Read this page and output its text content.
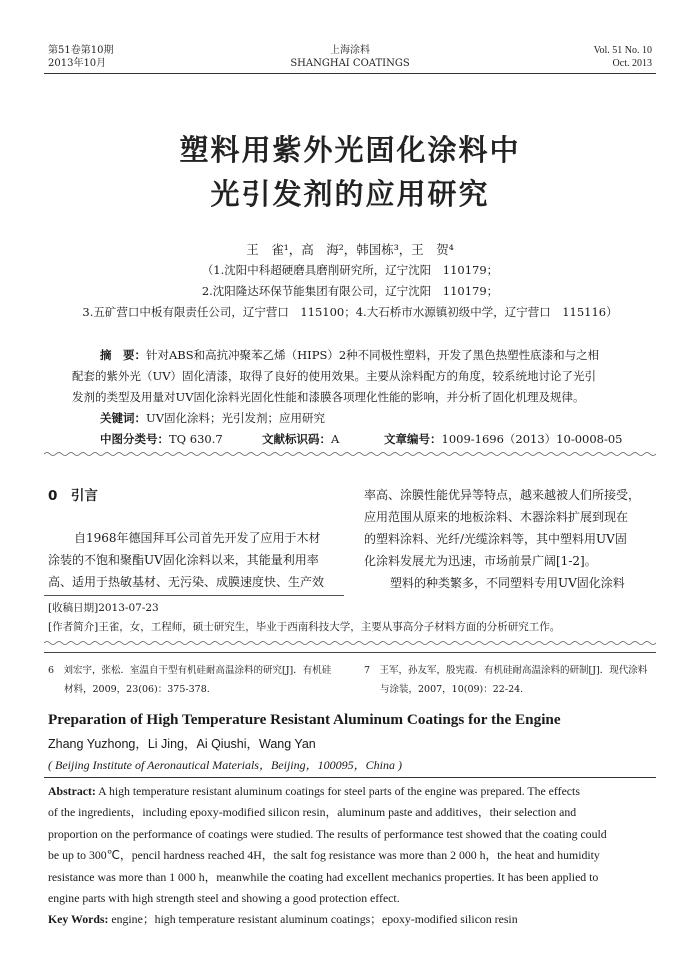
第51卷第10期
2013年10月
上海涂料
SHANGHAI COATINGS
Vol. 51 No. 10
Oct. 2013
塑料用紫外光固化涂料中
光引发剂的应用研究
王　雀¹，高　海²，韩国栋³，王　贺⁴
（1.沈阳中科超硬磨具磨削研究所，辽宁沈阳　110179；
2.沈阳隆达环保节能集团有限公司，辽宁沈阳　110179；
3.五矿营口中板有限责任公司，辽宁营口　115100；4.大石桥市水源镇初级中学，辽宁营口　115116）
摘　要：针对ABS和高抗冲聚苯乙烯（HIPS）2种不同极性塑料，开发了黑色热塑性底漆和与之相
配套的紫外光（UV）固化清漆，取得了良好的使用效果。主要从涂料配方的角度，较系统地讨论了光引
发剂的类型及用量对UV固化涂料光固化性能和漆膜各项理化性能的影响，并分析了固化机理及规律。
关键词：UV固化涂料；光引发剂；应用研究
中图分类号：TQ 630.7	文献标识码：A	文章编号：1009-1696（2013）10-0008-05
0　引言
自1968年德国拜耳公司首先开发了应用于木材
涂装的不饱和聚酯UV固化涂料以来，其能量利用率
高、适用于热敏基材、无污染、成膜速度快、生产效
率高、涂膜性能优异等特点，越来越被人们所接受，
应用范围从原来的地板涂料、木器涂料扩展到现在
的塑料涂料、光纤/光缆涂料等，其中塑料用UV固
化涂料发展尤为迅速，市场前景广阔[1-2]。
塑料的种类繁多，不同塑料专用UV固化涂料
[收稿日期]2013-07-23
[作者简介]王雀，女，工程师，硕士研究生，毕业于西南科技大学，主要从事高分子材料方面的分析研究工作。
6　刘宏宇，张松．室温自干型有机硅耐高温涂料的研究[J]．有机硅
材料，2009，23(06)：375-378.
7　王军，孙友军，殷宪霞．有机硅耐高温涂料的研制[J]．现代涂料
与涂装，2007，10(09)：22-24.
Preparation of High Temperature Resistant Aluminum Coatings for the Engine
Zhang Yuzhong，Li Jing，Ai Qiushi，Wang Yan
( Beijing Institute of Aeronautical Materials，Beijing，100095，China )
Abstract: A high temperature resistant aluminum coatings for steel parts of the engine was prepared. The effects
of the ingredients，including epoxy-modified silicon resin，aluminum paste and additives，their selection and
proportion on the performance of coatings were studied. The results of performance test showed that the coating could
be up to 300℃，pencil hardness reached 4H，the salt fog resistance was more than 2 000 h，the heat and humidity
resistance was more than 1 000 h，meanwhile the coating had excellent mechanics properties. It has been applied to
engine parts with high strength steel and showing a good protection effect.
Key Words: engine；high temperature resistant aluminum coatings；epoxy-modified silicon resin
